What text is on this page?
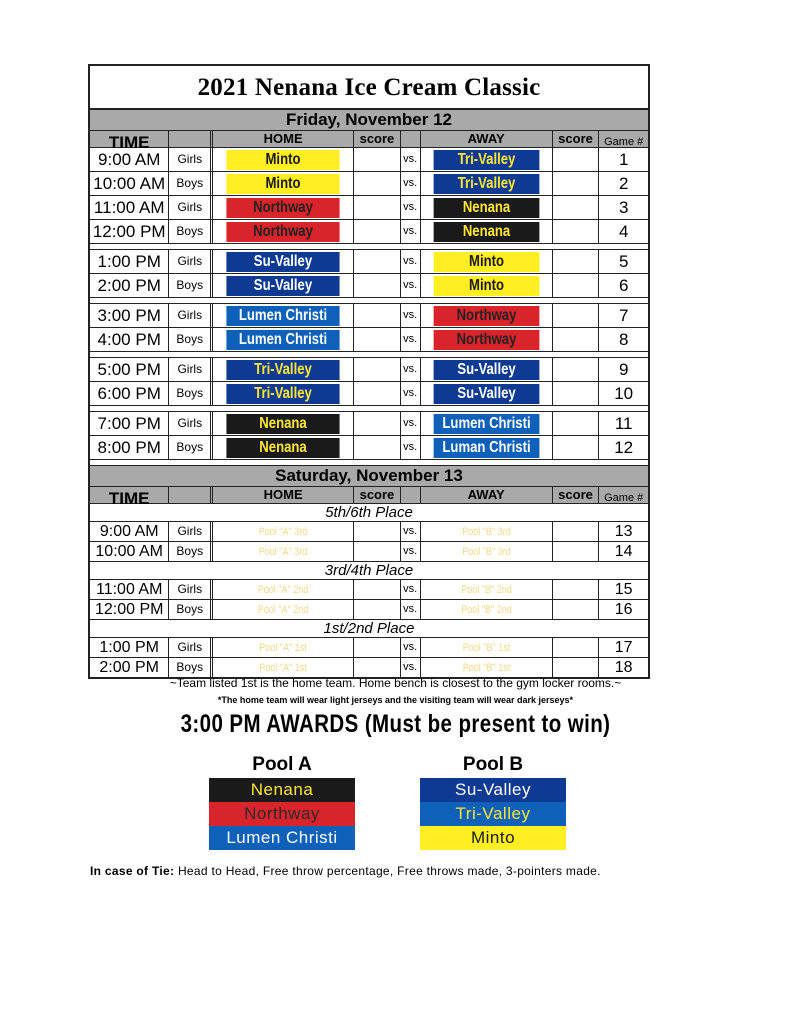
2021 Nenana Ice Cream Classic
Friday, November 12
TIME	HOME	score	AWAY	score	Game #
9:00 AM	Girls	Minto	vs.	Tri-Valley	1
10:00 AM Boys	Minto	vs.	Tri-Valley	2
11:00 AM	Girls	Northway	vs.	Nenana	3
12:00 PM Boys	Northway	vs.	Nenana	4
1:00 PM	Girls	Su-Valley	vs.	Minto	5
2:00 PM	Boys	Su-Valley	vs.	Minto	6
3:00 PM	Girls	Lumen Christi	vs.	Northway	7
4:00 PM	Boys	Lumen Christi	vs.	Northway	8
5:00 PM	Girls	Tri-Valley	vs.	Su-Valley	9
6:00 PM	Boys	Tri-Valley	vs.	Su-Valley	10
7:00 PM	Girls	Nenana	vs.	Lumen Christi	11
8:00 PM	Boys	Nenana	vs.	Luman Christi	12
Saturday, November 13
TIME	HOME	score	AWAY	score	Game #
5th/6th Place
9:00 AM	Girls	Pool "A" 3rd	vs.	Pool "B" 3rd	13
10:00 AM	Boys	Pool "A" 3rd	vs.	Pool "B" 3rd	14
3rd/4th Place
11:00 AM	Girls	Pool "A" 2nd	vs.	Pool "B" 2nd	15
12:00 PM	Boys	Pool "A" 2nd	vs.	Pool "B" 2nd	16
1st/2nd Place
1:00 PM	Girls	Pool "A" 1st	vs.	Pool "B" 1st	17
2:00 PM	Boys	Pool "A" 1st	vs.	Pool "B" 1st	18
~Team listed 1st is the home team. Home bench is closest to the gym locker rooms.~
*The home team will wear light jerseys and the visiting team will wear dark jerseys*
3:00 PM AWARDS (Must be present to win)
Pool A
Nenana
Northway
Lumen Christi
Pool B
Su-Valley
Tri-Valley
Minto
In case of Tie: Head to Head, Free throw percentage, Free throws made, 3-pointers made.
